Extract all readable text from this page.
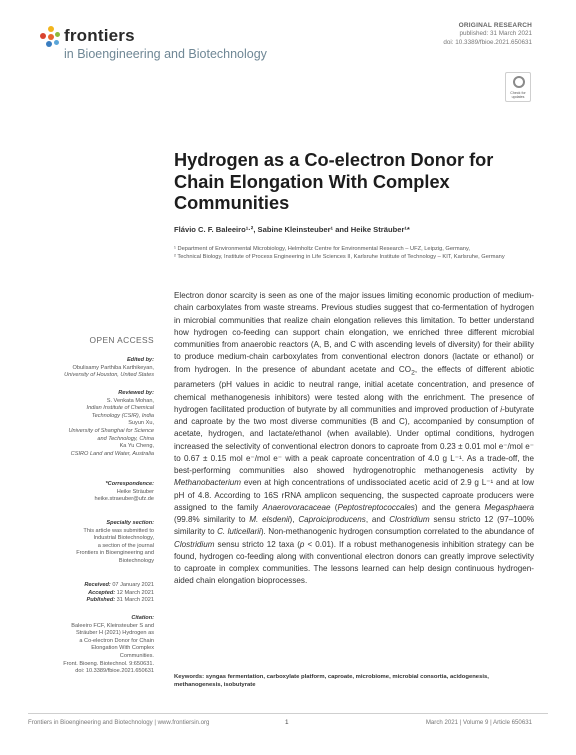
frontiers
in Bioengineering and Biotechnology
ORIGINAL RESEARCH
published: 31 March 2021
doi: 10.3389/fbioe.2021.650631
Check for updates
Hydrogen as a Co-electron Donor for Chain Elongation With Complex Communities
Flávio C. F. Baleeiro¹·², Sabine Kleinsteuber¹ and Heike Sträuber¹*
¹ Department of Environmental Microbiology, Helmholtz Centre for Environmental Research – UFZ, Leipzig, Germany,
² Technical Biology, Institute of Process Engineering in Life Sciences II, Karlsruhe Institute of Technology – KIT, Karlsruhe, Germany
OPEN ACCESS
Edited by:
Obulisamy Parthiba Karthikeyan,
University of Houston, United States
Reviewed by:
S. Venkata Mohan,
Indian Institute of Chemical
Technology (CSIR), India
Suyun Xu,
University of Shanghai for Science
and Technology, China
Ka Yu Cheng,
CSIRO Land and Water, Australia
*Correspondence:
Heike Sträuber
heike.straeuber@ufz.de
Specialty section:
This article was submitted to
Industrial Biotechnology,
a section of the journal
Frontiers in Bioengineering and
Biotechnology
Received: 07 January 2021
Accepted: 12 March 2021
Published: 31 March 2021
Citation:
Baleeiro FCF, Kleinsteuber S and
Sträuber H (2021) Hydrogen as
a Co-electron Donor for Chain
Elongation With Complex
Communities.
Front. Bioeng. Biotechnol. 9:650631.
doi: 10.3389/fbioe.2021.650631
Electron donor scarcity is seen as one of the major issues limiting economic production of medium-chain carboxylates from waste streams. Previous studies suggest that co-fermentation of hydrogen in microbial communities that realize chain elongation relieves this limitation. To better understand how hydrogen co-feeding can support chain elongation, we enriched three different microbial communities from anaerobic reactors (A, B, and C with ascending levels of diversity) for their ability to produce medium-chain carboxylates from conventional electron donors (lactate or ethanol) or from hydrogen. In the presence of abundant acetate and $CO_2$, the effects of different abiotic parameters (pH values in acidic to neutral range, initial acetate concentration, and presence of chemical methanogenesis inhibitors) were tested along with the enrichment. The presence of hydrogen facilitated production of butyrate by all communities and improved production of i-butyrate and caproate by the two most diverse communities (B and C), accompanied by consumption of acetate, hydrogen, and lactate/ethanol (when available). Under optimal conditions, hydrogen increased the selectivity of conventional electron donors to caproate from 0.23 ± 0.01 mol e⁻/mol e⁻ to 0.67 ± 0.15 mol e⁻/mol e⁻ with a peak caproate concentration of 4.0 g L⁻¹. As a trade-off, the best-performing communities also showed hydrogenotrophic methanogenesis activity by Methanobacterium even at high concentrations of undissociated acetic acid of 2.9 g L⁻¹ and at low pH of 4.8. According to 16S rRNA amplicon sequencing, the suspected caproate producers were assigned to the family Anaerovoracaceae (Peptostreptococcales) and the genera Megasphaera (99.8% similarity to M. elsdenii), Caproiciproducens, and Clostridium sensu stricto 12 (97–100% similarity to C. luticellarii). Non-methanogenic hydrogen consumption correlated to the abundance of Clostridium sensu stricto 12 taxa (p < 0.01). If a robust methanogenesis inhibition strategy can be found, hydrogen co-feeding along with conventional electron donors can greatly improve selectivity to caproate in complex communities. The lessons learned can help design continuous hydrogen-aided chain elongation bioprocesses.
Keywords: syngas fermentation, carboxylate platform, caproate, microbiome, microbial consortia, acidogenesis, methanogenesis, isobutyrate
Frontiers in Bioengineering and Biotechnology | www.frontiersin.org	1	March 2021 | Volume 9 | Article 650631
